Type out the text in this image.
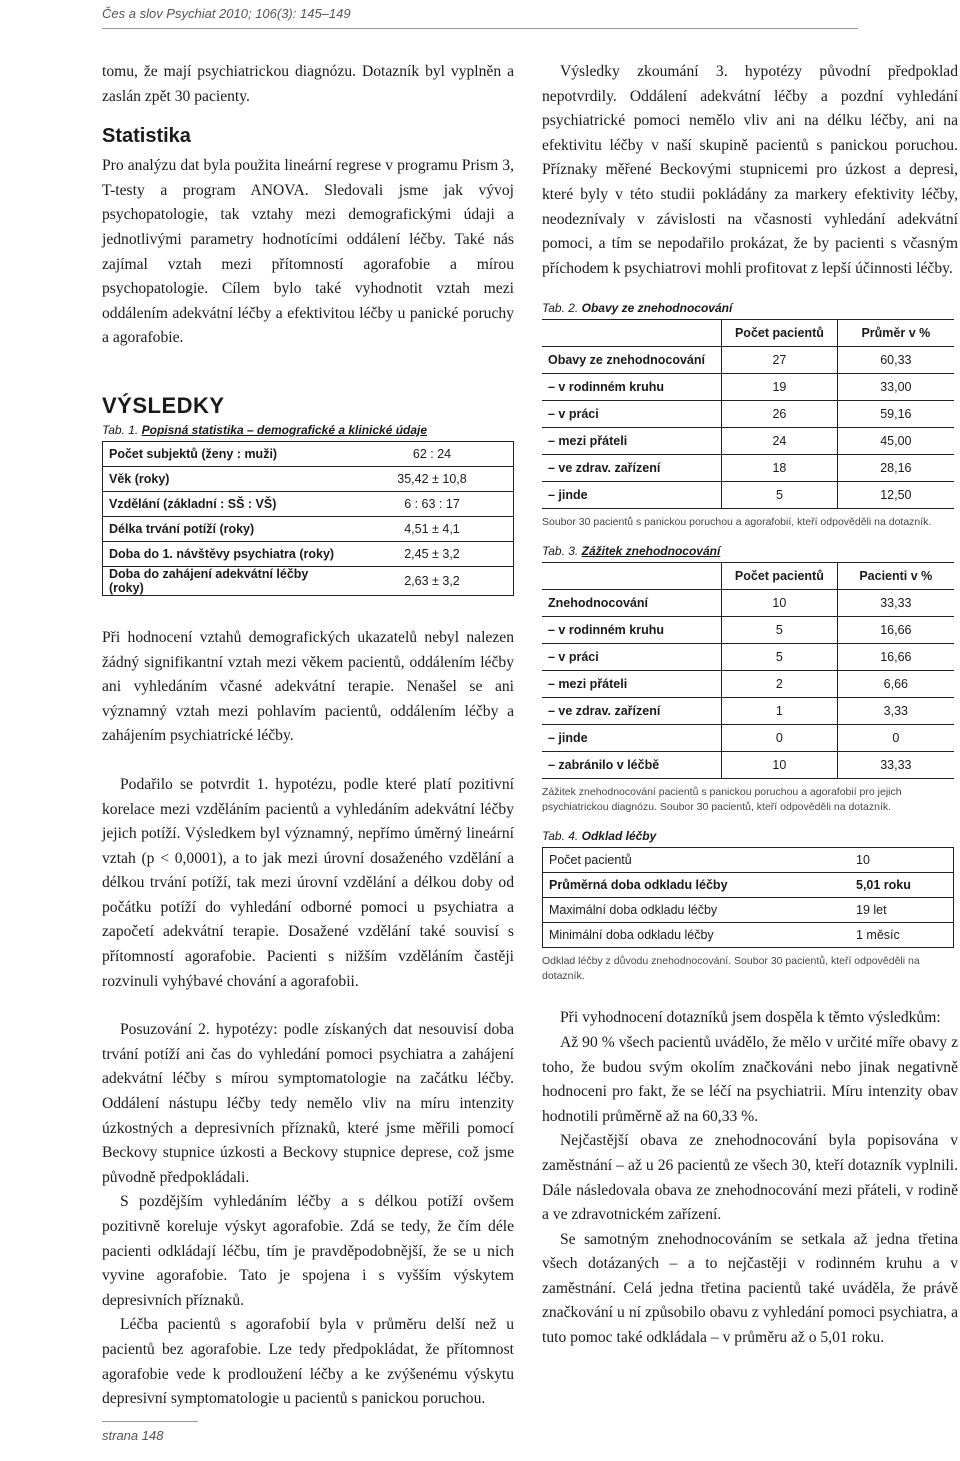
Čes a slov Psychiat 2010; 106(3): 145–149

tomu, že mají psychiatrickou diagnózu. Dotazník byl vyplněn a zaslán zpět 30 pacienty.

Statistika

Pro analýzu dat byla použita lineární regrese v programu Prism 3, T-testy a program ANOVA. Sledovali jsme jak vývoj psychopatologie, tak vztahy mezi demografickými údaji a jednotlivými parametry hodnotícími oddálení léčby. Také nás zajímal vztah mezi přítomností agorafobie a mírou psychopatologie. Cílem bylo také vyhodnotit vztah mezi oddálením adekvátní léčby a efektivitou léčby u panické poruchy a agorafobie.

VÝSLEDKY
Tab. 1. Popisná statistika – demografické a klinické údaje
Počet subjektů (ženy : muži)	62 : 24
Věk (roky)	35,42 ± 10,8
Vzdělání (základní : SŠ : VŠ)	6 : 63 : 17
Délka trvání potíží (roky)	4,51 ± 4,1
Doba do 1. návštěvy psychiatra (roky)	2,45 ± 3,2
Doba do zahájení adekvátní léčby (roky)	2,63 ± 3,2

Při hodnocení vztahů demografických ukazatelů nebyl nalezen žádný signifikantní vztah mezi věkem pacientů, oddálením léčby ani vyhledáním včasné adekvátní terapie. Nenašel se ani významný vztah mezi pohlavím pacientů, oddálením léčby a zahájením psychiatrické léčby.

Podařilo se potvrdit 1. hypotézu, podle které platí pozitivní korelace mezi vzděláním pacientů a vyhledáním adekvátní léčby jejich potíží. Výsledkem byl významný, nepřímo úměrný lineární vztah (p < 0,0001), a to jak mezi úrovní dosaženého vzdělání a délkou trvání potíží, tak mezi úrovní vzdělání a délkou doby od počátku potíží do vyhledání odborné pomoci u psychiatra a započetí adekvátní terapie. Dosažené vzdělání také souvisí s přítomností agorafobie. Pacienti s nižším vzděláním častěji rozvinuli vyhýbavé chování a agorafobii.

Posuzování 2. hypotézy: podle získaných dat nesouvisí doba trvání potíží ani čas do vyhledání pomoci psychiatra a zahájení adekvátní léčby s mírou symptomatologie na začátku léčby. Oddálení nástupu léčby tedy nemělo vliv na míru intenzity úzkostných a depresivních příznaků, které jsme měřili pomocí Beckovy stupnice úzkosti a Beckovy stupnice deprese, což jsme původně předpokládali.

S pozdějším vyhledáním léčby a s délkou potíží ovšem pozitivně koreluje výskyt agorafobie. Zdá se tedy, že čím déle pacienti odkládají léčbu, tím je pravděpodobnější, že se u nich vyvine agorafobie. Tato je spojena i s vyšším výskytem depresivních příznaků.

Léčba pacientů s agorafobií byla v průměru delší než u pacientů bez agorafobie. Lze tedy předpokládat, že přítomnost agorafobie vede k prodloužení léčby a ke zvýšenému výskytu depresivní symptomatologie u pacientů s panickou poruchou.

Výsledky zkoumání 3. hypotézy původní předpoklad nepotvrdily. Oddálení adekvátní léčby a pozdní vyhledání psychiatrické pomoci nemělo vliv ani na délku léčby, ani na efektivitu léčby v naší skupině pacientů s panickou poruchou. Příznaky měřené Beckovými stupnicemi pro úzkost a depresi, které byly v této studii pokládány za markery efektivity léčby, neodeznívaly v závislosti na včasnosti vyhledání adekvátní pomoci, a tím se nepodařilo prokázat, že by pacienti s včasným příchodem k psychiatrovi mohli profitovat z lepší účinnosti léčby.

Tab. 2. Obavy ze znehodnocování
	Počet pacientů	Průměr v %
Obavy ze znehodnocování	27	60,33
– v rodinném kruhu	19	33,00
– v práci	26	59,16
– mezi přáteli	24	45,00
– ve zdrav. zařízení	18	28,16
– jinde	5	12,50

Soubor 30 pacientů s panickou poruchou a agorafobií, kteří odpověděli na dotazník.

Tab. 3. Zážitek znehodnocování
	Počet pacientů	Pacienti v %
Znehodnocování	10	33,33
– v rodinném kruhu	5	16,66
– v práci	5	16,66
– mezi přáteli	2	6,66
– ve zdrav. zařízení	1	3,33
– jinde	0	0
– zabránilo v léčbě	10	33,33

Zážitek znehodnocování pacientů s panickou poruchou a agorafobií pro jejich psychiatrickou diagnózu. Soubor 30 pacientů, kteří odpověděli na dotazník.

Tab. 4. Odklad léčby
Počet pacientů	10
Průměrná doba odkladu léčby	5,01 roku
Maximální doba odkladu léčby	19 let
Minimální doba odkladu léčby	1 měsíc

Odklad léčby z důvodu znehodnocování. Soubor 30 pacientů, kteří odpověděli na dotazník.

Při vyhodnocení dotazníků jsem dospěla k těmto výsledkům:

Až 90 % všech pacientů uvádělo, že mělo v určité míře obavy z toho, že budou svým okolím značkováni nebo jinak negativně hodnoceni pro fakt, že se léčí na psychiatrii. Míru intenzity obav hodnotili průměrně až na 60,33 %.

Nejčastější obava ze znehodnocování byla popisována v zaměstnání – až u 26 pacientů ze všech 30, kteří dotazník vyplnili. Dále následovala obava ze znehodnocování mezi přáteli, v rodině a ve zdravotnickém zařízení.

Se samotným znehodnocováním se setkala až jedna třetina všech dotázaných – a to nejčastěji v rodinném kruhu a v zaměstnání. Celá jedna třetina pacientů také uváděla, že právě značkování u ní způsobilo obavu z vyhledání pomoci psychiatra, a tuto pomoc také odkládala – v průměru až o 5,01 roku.

strana 148
